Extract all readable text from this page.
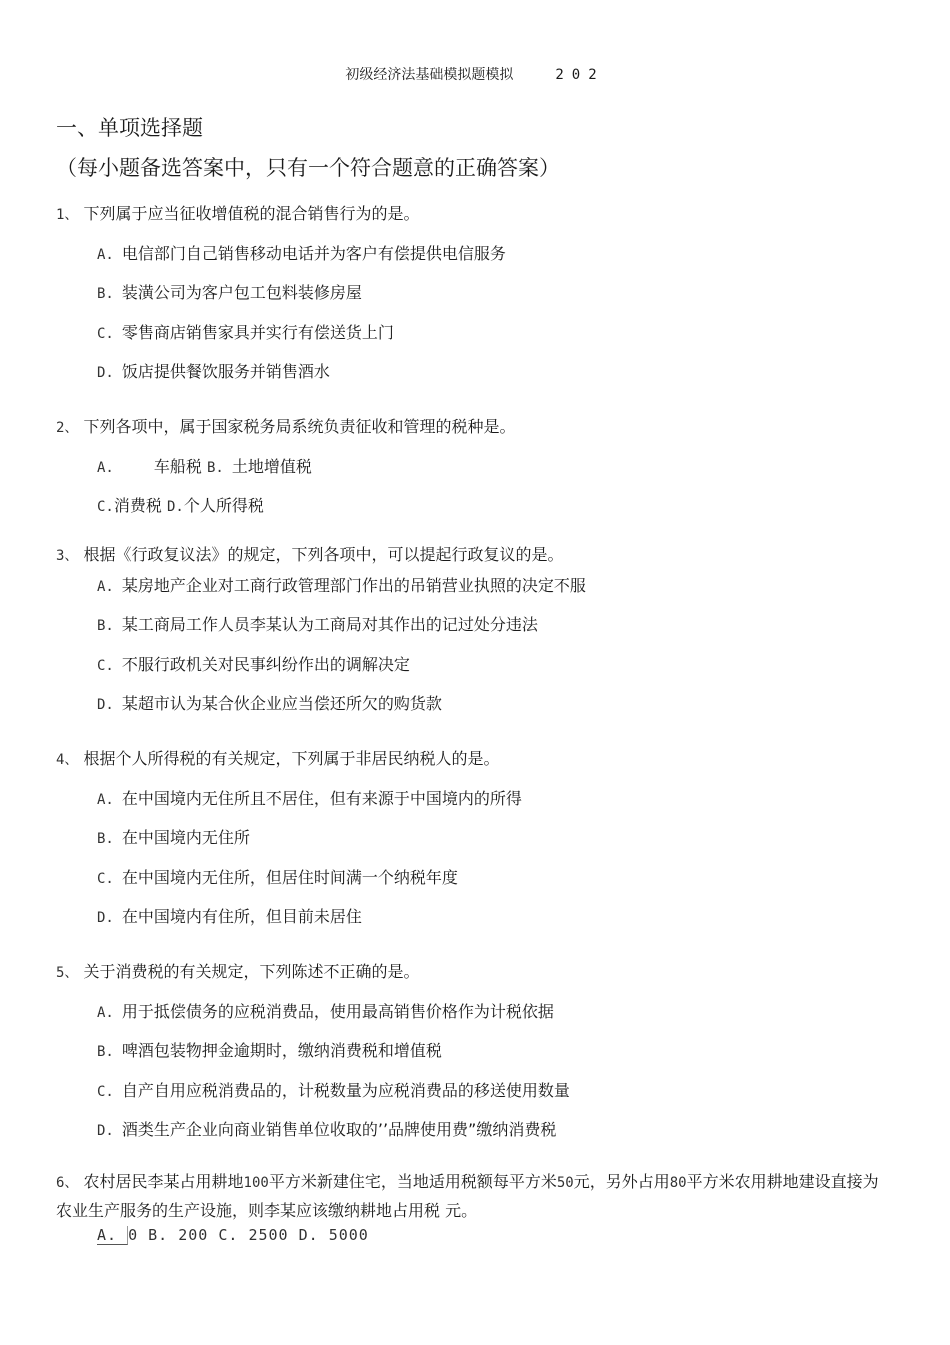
初级经济法基础模拟题模拟	202
一、单项选择题
（每小题备选答案中，只有一个符合题意的正确答案）
1、 下列属于应当征收增值税的混合销售行为的是。
A. 电信部门自己销售移动电话并为客户有偿提供电信服务
B. 装潢公司为客户包工包料装修房屋
C. 零售商店销售家具并实行有偿送货上门
D. 饭店提供餐饮服务并销售酒水
2、 下列各项中，属于国家税务局系统负责征收和管理的税种是。
A.	车船税 B. 土地增值税
C.消费税 D.个人所得税
3、 根据《行政复议法》的规定，下列各项中，可以提起行政复议的是。
A. 某房地产企业对工商行政管理部门作出的吊销营业执照的决定不服
B. 某工商局工作人员李某认为工商局对其作出的记过处分违法
C. 不服行政机关对民事纠纷作出的调解决定
D. 某超市认为某合伙企业应当偿还所欠的购货款
4、 根据个人所得税的有关规定，下列属于非居民纳税人的是。
A. 在中国境内无住所且不居住，但有来源于中国境内的所得
B. 在中国境内无住所
C. 在中国境内无住所，但居住时间满一个纳税年度
D. 在中国境内有住所，但目前未居住
5、 关于消费税的有关规定，下列陈述不正确的是。
A. 用于抵偿债务的应税消费品，使用最高销售价格作为计税依据
B. 啤酒包装物押金逾期时，缴纳消费税和增值税
C. 自产自用应税消费品的，计税数量为应税消费品的移送使用数量
D. 酒类生产企业向商业销售单位收取的’’品牌使用费”缴纳消费税
6、 农村居民李某占用耕地100平方米新建住宅，当地适用税额每平方米50元，另外占用80平方米农用耕地建设直接为农业生产服务的生产设施，则李某应该缴纳耕地占用税 元。
A. 0 B. 200 C. 2500 D. 5000
